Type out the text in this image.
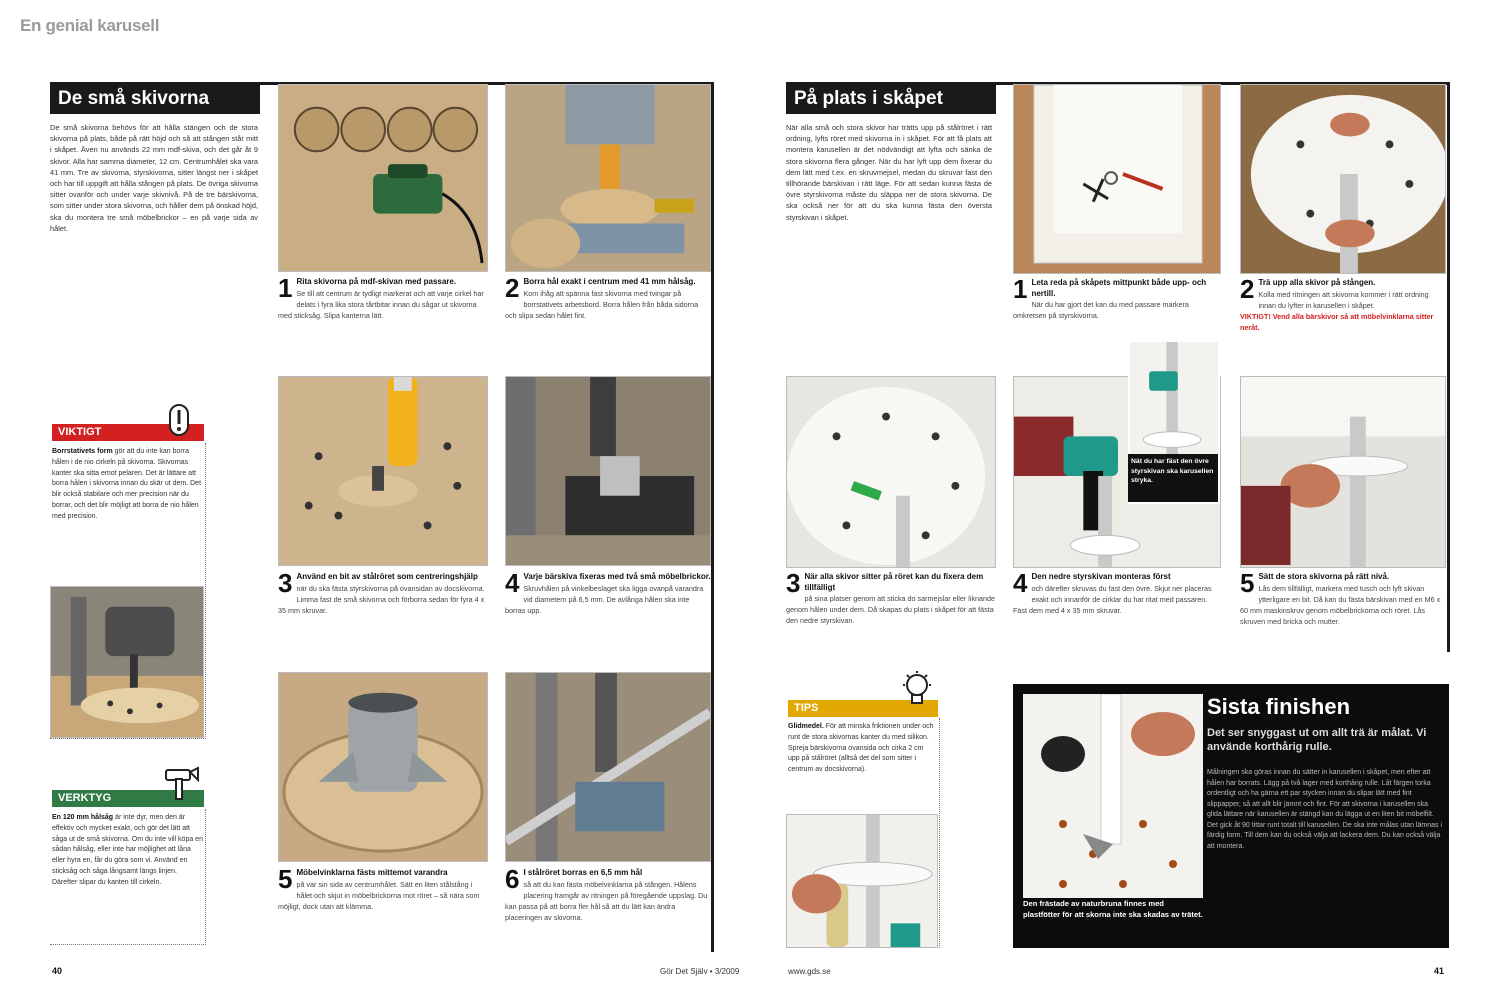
En genial karusell
De små skivorna
De små skivorna behövs för att hålla stängen och de stora skivorna på plats, både på rätt höjd och så att stången står mitt i skåpet. Även nu används 22 mm mdf-skiva, och det går åt 9 skivor. Alla har samma diameter, 12 cm. Centrumhålet ska vara 41 mm. Tre av skivorna, styrskivorna, sitter längst ner i skåpet och har till uppgift att hålla stången på plats. De övriga skivorna sitter ovanför och under varje skivnivå. På de tre bärskivorna, som sitter under stora skivorna, och håller dem på önskad höjd, ska du montera tre små möbelbrickor – en på varje sida av hålet.
VIKTIGT
Borrstativets form gör att du inte kan borra hålen i de nio cirkeln på skivorna. Skivornas kanter ska sitta emot pelaren. Det är lättare att borra hålen i skivorna innan du skär ut dem. Det blir också stabilare och mer precision när du borrar, och det blir möjligt att borra de nio hålen med precision.
VERKTYG
En 120 mm hålsåg är inte dyr, men den är effektiv och mycket exakt, och gör det lätt att såga ut de små skivorna. Om du inte vill köpa en sådan hålsåg, eller inte har möjlighet att låna eller hyra en, får du göra som vi. Använd en sticksåg och såga långsamt längs linjen. Därefter slipar du kanten till cirkeln.
1 Rita skivorna på mdf-skivan med passare.
Se till att centrum är tydligt markerat och att varje cirkel har delats i fyra lika stora tårtbitar innan du sågar ut skivorna med sticksåg. Slipa kanterna lätt.
2 Borra hål exakt i centrum med 41 mm hålsåg.
Kom ihåg att spänna fast skivorna med tvingar på borrstativets arbetsbord. Borra hålen från båda sidorna och slipa sedan hålet fint.
3 Använd en bit av stålröret som centreringshjälp
när du ska fästa styrskivorna på ovansidan av docskivorna. Limma fast de små skivorna och förborra sedan för fyra 4 x 35 mm skruvar.
4 Varje bärskiva fixeras med två små möbelbrickor.
Skruvhålen på vinkelbeslaget ska ligga ovanpå varandra vid diametern på 6,5 mm. De avlånga hålen ska inte borras upp.
5 Möbelvinklarna fästs mittemot varandra
på var sin sida av centrumhålet. Sätt en liten stålstång i hålet och skjut in möbelbrickorna mot röret – så nära som möjligt, dock utan att klämma.
6 I stålröret borras en 6,5 mm hål
så att du kan fästa möbelvinklarna på stången. Hålens placering framgår av ritningen på föregående uppslag. Du kan passa på att borra fler hål så att du lätt kan ändra placeringen av skivorna.
40	Gör Det Själv • 3/2009
På plats i skåpet
När alla små och stora skivor har trätts upp på stålröret i rätt ordning, lyfts röret med skivorna in i skåpet. För att få plats att montera karusellen är det nödvändigt att lyfta och sänka de stora skivorna flera gånger. När du har lyft upp dem fixerar du dem lätt med t.ex. en skruvmejsel, medan du skruvar fast den tillhörande bärskivan i rätt läge. För att sedan kunna fästa de övre styrskivorna måste du släppa ner de stora skivorna. De ska också ner för att du ska kunna fästa den översta styrskivan i skåpet.
1 Leta reda på skåpets mittpunkt både upp- och nertill.
När du har gjort det kan du med passare markera omkretsen på styrskivorna.
2 Trä upp alla skivor på stången.
Kolla med ritningen att skivorna kommer i rätt ordning innan du lyfter in karusellen i skåpet.
VIKTIGT! Vend alla bärskivor så att möbelvinklarna sitter neråt.
Nät du har fäst den övre styrskivan ska karusellen stryka.
3 När alla skivor sitter på röret kan du fixera dem tillfälligt
på sina platser genom att sticka do sarmejslar eller liknande genom hålen under dem. Då skapas du plats i skåpet för att fästa den nedre styrskivan.
4 Den nedre styrskivan monteras först
och därefter skruvas du fast den övre. Skjut ner placeras exakt och innanför de cirklar du har ritat med passaren. Fäst dem med 4 x 35 mm skruvar.
5 Sätt de stora skivorna på rätt nivå.
Lås dem tillfälligt, markera med tusch och lyft skivan ytterligare en bit. Då kan du fästa bärskivan med en M6 x 60 mm maskinskruv genom möbelbrickorna och röret. Lås skruven med bricka och mutter.
TIPS
Glidmedel. För att minska friktionen under och runt de stora skivornas kanter du med silikon. Spreja bärskivorna ovansida och cirka 2 cm upp på stålröret (alltså det del som sitter i centrum av docskivorna).
Den frästade av naturbruna finnes med plastfötter för att skorna inte ska skadas av trätet.
Sista finishen
Det ser snyggast ut om allt trä är målat. Vi använde korthårig rulle.
Målningen ska göras innan du sätter in karusellen i skåpet, men efter att hålen har borrats. Lägg på två lager med korthårig rulle. Låt färgen torka ordentligt och ha gärna ett par stycken innan du slipar lätt med fint slippapper, så att allt blir jämnt och fint. För att skivorna i karusellen ska glida lättare när karusellen är stängd kan du lägga ut en liten bit möbelfilt. Det gick åt 90 tittar runt totalt till karusellen. De ska inte målas utan lämnas i färdig form. Till dem kan du också välja att lackera dem. Du kan också välja att montera.
www.gds.se	41
